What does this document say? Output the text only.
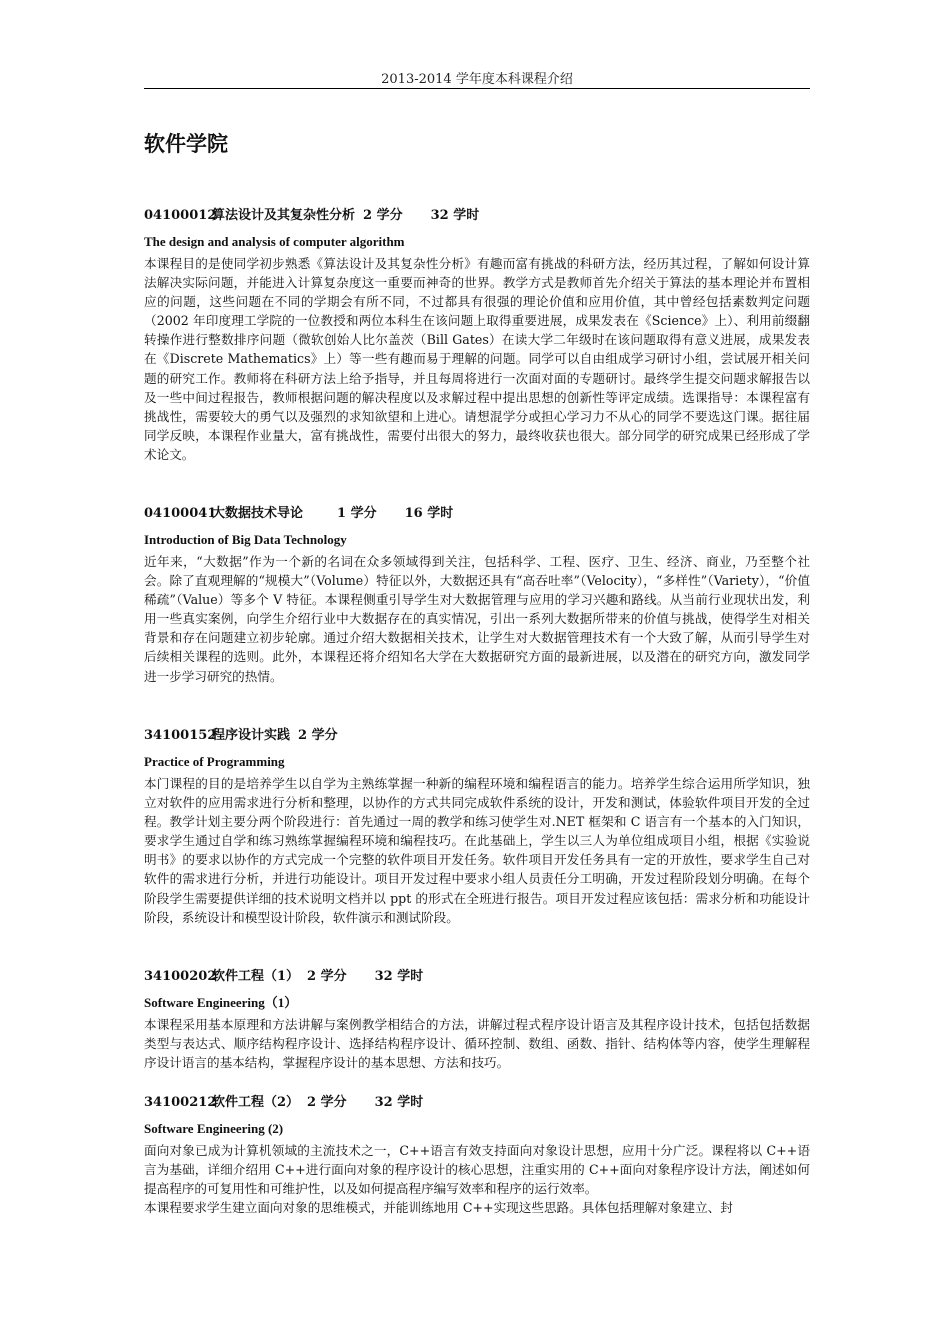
2013-2014 学年度本科课程介绍
软件学院
04100012算法设计及其复杂性分析 2 学分 32 学时
The design and analysis of computer algorithm

本课程目的是使同学初步熟悉《算法设计及其复杂性分析》有趣而富有挑战的科研方法，经历其过程，了解如何设计算法解决实际问题，并能进入计算复杂度这一重要而神奇的世界。教学方式是教师首先介绍关于算法的基本理论并布置相应的问题，这些问题在不同的学期会有所不同，不过都具有很强的理论价值和应用价值，其中曾经包括素数判定问题（2002 年印度理工学院的一位教授和两位本科生在该问题上取得重要进展，成果发表在《Science》上）、利用前缀翻转操作进行整数排序问题（微软创始人比尔盖茨（Bill Gates）在读大学二年级时在该问题取得有意义进展，成果发表在《Discrete Mathematics》上）等一些有趣而易于理解的问题。同学可以自由组成学习研讨小组，尝试展开相关问题的研究工作。教师将在科研方法上给予指导，并且每周将进行一次面对面的专题研讨。最终学生提交问题求解报告以及一些中间过程报告，教师根据问题的解决程度以及求解过程中提出思想的创新性等评定成绩。选课指导：本课程富有挑战性，需要较大的勇气以及强烈的求知欲望和上进心。请想混学分或担心学习力不从心的同学不要选这门课。据往届同学反映，本课程作业量大，富有挑战性，需要付出很大的努力，最终收获也很大。部分同学的研究成果已经形成了学术论文。

04100041大数据技术导论	1 学分 16 学时
Introduction of Big Data Technology

近年来，“大数据”作为一个新的名词在众多领域得到关注，包括科学、工程、医疗、卫生、经济、商业，乃至整个社会。除了直观理解的“规模大”（Volume）特征以外，大数据还具有“高吞吐率”（Velocity），“多样性”（Variety），“价值稀疏”（Value）等多个 V 特征。本课程侧重引导学生对大数据管理与应用的学习兴趣和路线。从当前行业现状出发，利用一些真实案例，向学生介绍行业中大数据存在的真实情况，引出一系列大数据所带来的价值与挑战，使得学生对相关背景和存在问题建立初步轮廓。通过介绍大数据相关技术，让学生对大数据管理技术有一个大致了解，从而引导学生对后续相关课程的选则。此外，本课程还将介绍知名大学在大数据研究方面的最新进展，以及潜在的研究方向，激发同学进一步学习研究的热情。

34100152程序设计实践 2 学分
Practice of Programming

本门课程的目的是培养学生以自学为主熟练掌握一种新的编程环境和编程语言的能力。培养学生综合运用所学知识，独立对软件的应用需求进行分析和整理，以协作的方式共同完成软件系统的设计，开发和测试，体验软件项目开发的全过程。教学计划主要分两个阶段进行：首先通过一周的教学和练习使学生对.NET 框架和 C 语言有一个基本的入门知识，要求学生通过自学和练习熟练掌握编程环境和编程技巧。在此基础上，学生以三人为单位组成项目小组，根据《实验说明书》的要求以协作的方式完成一个完整的软件项目开发任务。软件项目开发任务具有一定的开放性，要求学生自己对软件的需求进行分析，并进行功能设计。项目开发过程中要求小组人员责任分工明确，开发过程阶段划分明确。在每个阶段学生需要提供详细的技术说明文档并以 ppt 的形式在全班进行报告。项目开发过程应该包括：需求分析和功能设计阶段，系统设计和模型设计阶段，软件演示和测试阶段。

34100202软件工程（1） 2 学分 32 学时
Software Engineering（1）

本课程采用基本原理和方法讲解与案例教学相结合的方法，讲解过程式程序设计语言及其程序设计技术，包括包括数据类型与表达式、顺序结构程序设计、选择结构程序设计、循环控制、数组、函数、指针、结构体等内容，使学生理解程序设计语言的基本结构，掌握程序设计的基本思想、方法和技巧。

34100212软件工程（2） 2 学分 32 学时
Software Engineering (2)

面向对象已成为计算机领域的主流技术之一，C++语言有效支持面向对象设计思想，应用十分广泛。课程将以 C++语言为基础，详细介绍用 C++进行面向对象的程序设计的核心思想，注重实用的 C++面向对象程序设计方法，阐述如何提高程序的可复用性和可维护性，以及如何提高程序编写效率和程序的运行效率。

本课程要求学生建立面向对象的思维模式，并能训练地用 C++实现这些思路。具体包括理解对象建立、封
